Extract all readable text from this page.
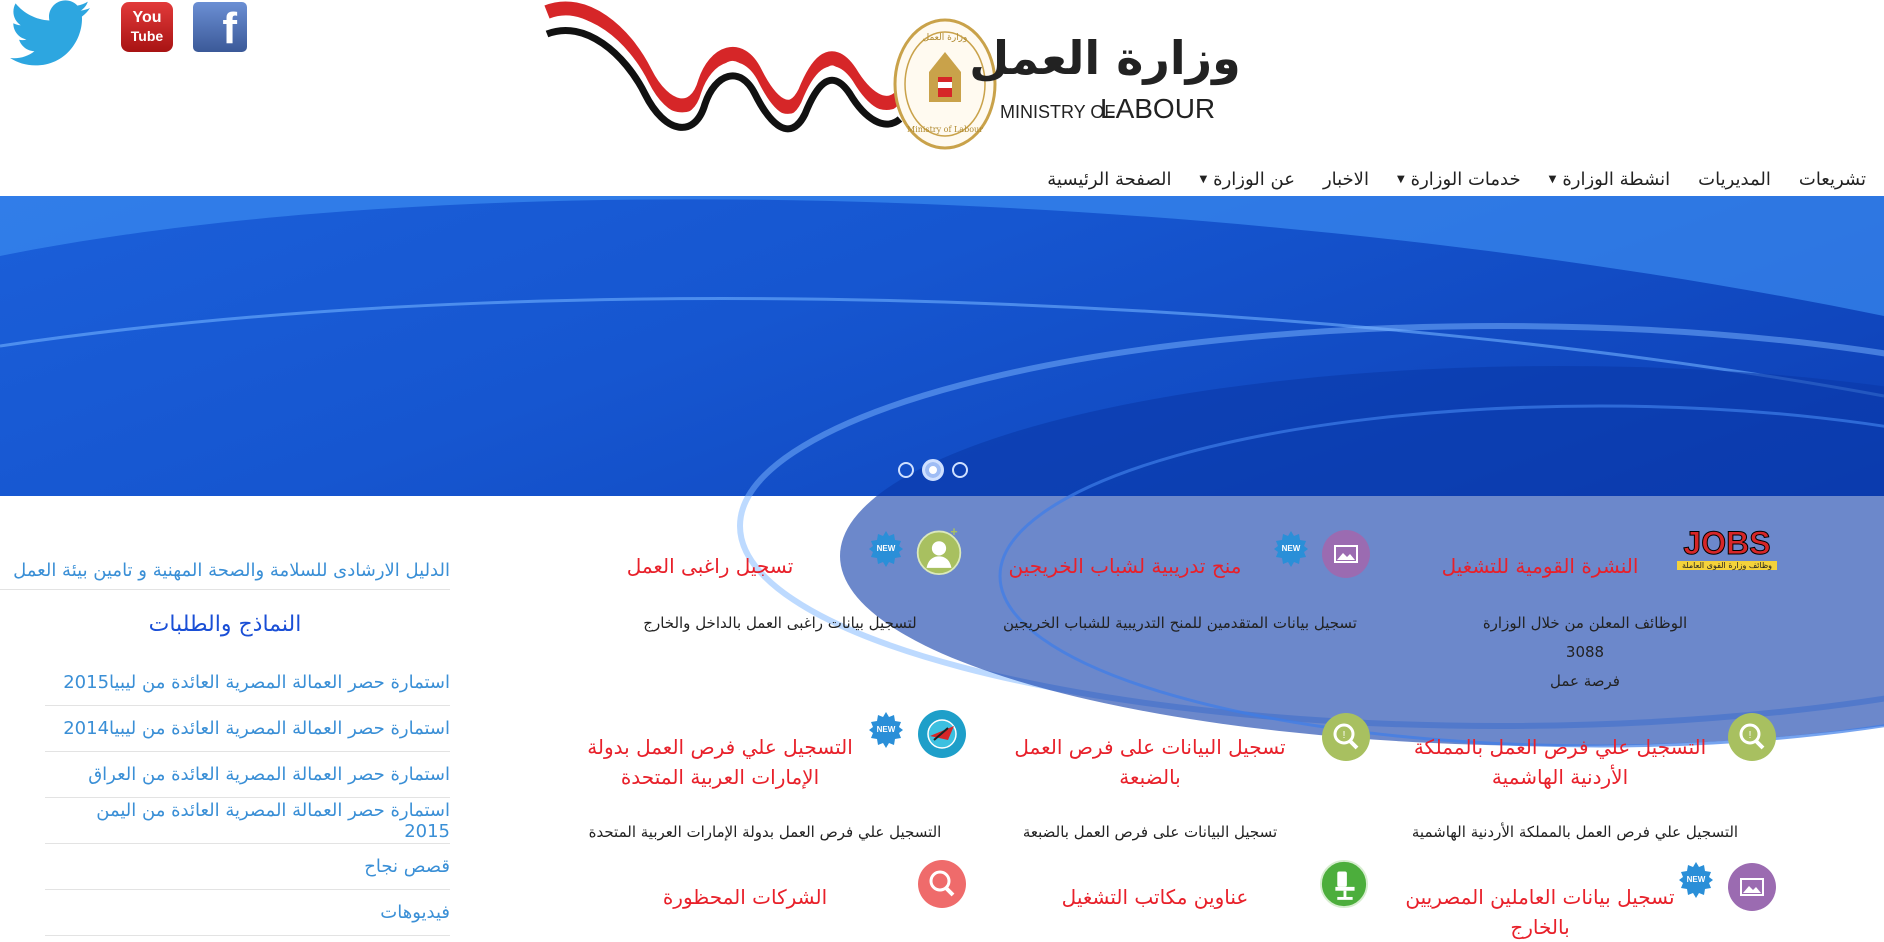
You
Tube f	وزارة العمل
Ministry of Labour
وزارة العمل
MINISTRY OF
LABOUR
الصفحة الرئيسية عن الوزارة
▼	الاخبار خدمات الوزارة
▼	انشطة الوزارة
▼	المديريات تشريعات
الدليل الارشادى للسلامة والصحة المهنية و تامين بيئة العمل
النماذج والطلبات
استمارة حصر العمالة المصرية العائدة من ليبيا2015
استمارة حصر العمالة المصرية العائدة من ليبيا2014
استمارة حصر العمالة المصرية العائدة من العراق
استمارة حصر العمالة المصرية العائدة من اليمن 2015
قصص نجاح
فيديوهات
JOBS
وظائف وزارة القوى العاملة
النشرة القومية للتشغيل
الوظائف المعلن من خلال الوزارة
3088
فرصة عمل
NEW
منح تدريبية لشباب الخريجين
تسجيل بيانات المتقدمين للمنح التدريبية للشباب الخريجين
+
NEW
تسجيل راغبى العمل
لتسجيل بيانات راغبى العمل بالداخل والخارج
!
التسجيل علي فرص العمل بالمملكة
الأردنية الهاشمية
التسجيل علي فرص العمل بالمملكة الأردنية الهاشمية
!
تسجيل البيانات على فرص العمل
بالضبعة
تسجيل البيانات على فرص العمل بالضبعة
NEW
التسجيل علي فرص العمل بدولة
الإمارات العربية المتحدة
التسجيل علي فرص العمل بدولة الإمارات العربية المتحدة
NEW
تسجيل بيانات العاملين المصريين
بالخارج
عناوين مكاتب التشغيل
الشركات المحظورة
